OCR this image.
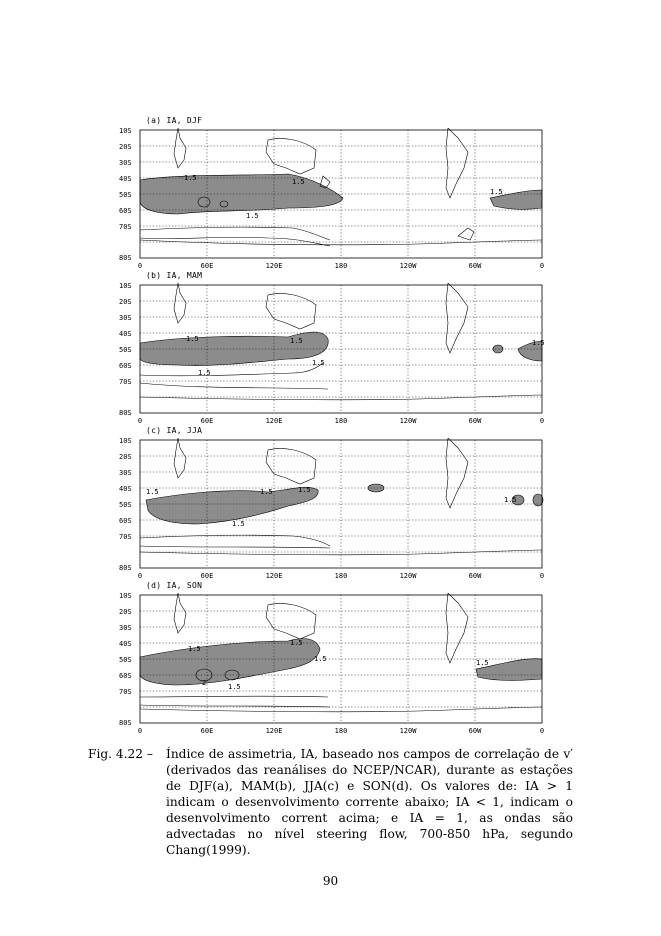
(a) IA, DJF
1.5	1.5
1.5
1.5
10S
20S
30S
40S
50S
60S
70S
80S
0	60E	120E	180	120W	60W	0
(b) IA, MAM
1.5
1.5
1.5
1.5	1.5
10S
20S
30S
40S
50S
60S
70S
80S
0	60E	120E	180	120W	60W	0
(c) IA, JJA
1.5	1.5
1.5
1.5
1.5
10S
20S
30S
40S
50S
60S
70S
80S
0	60E	120E	180	120W	60W	0
(d) IA, SON
1.5
1.5
1.5	1.5
2	1.5
10S
20S
30S
40S
50S
60S
70S
80S
0	60E	120E	180	120W	60W	0
Fig. 4.22 –	Índice de assimetria, IA, baseado nos campos de correlação de v′ (derivados das reanálises do NCEP/NCAR), durante as estações de DJF(a), MAM(b), JJA(c) e SON(d). Os valores de: IA > 1 indicam o desenvolvimento corrente abaixo; IA < 1, indicam o desenvolvimento corrent acima; e IA = 1, as ondas são advectadas no nível steering flow, 700-850 hPa, segundo Chang(1999).
90
